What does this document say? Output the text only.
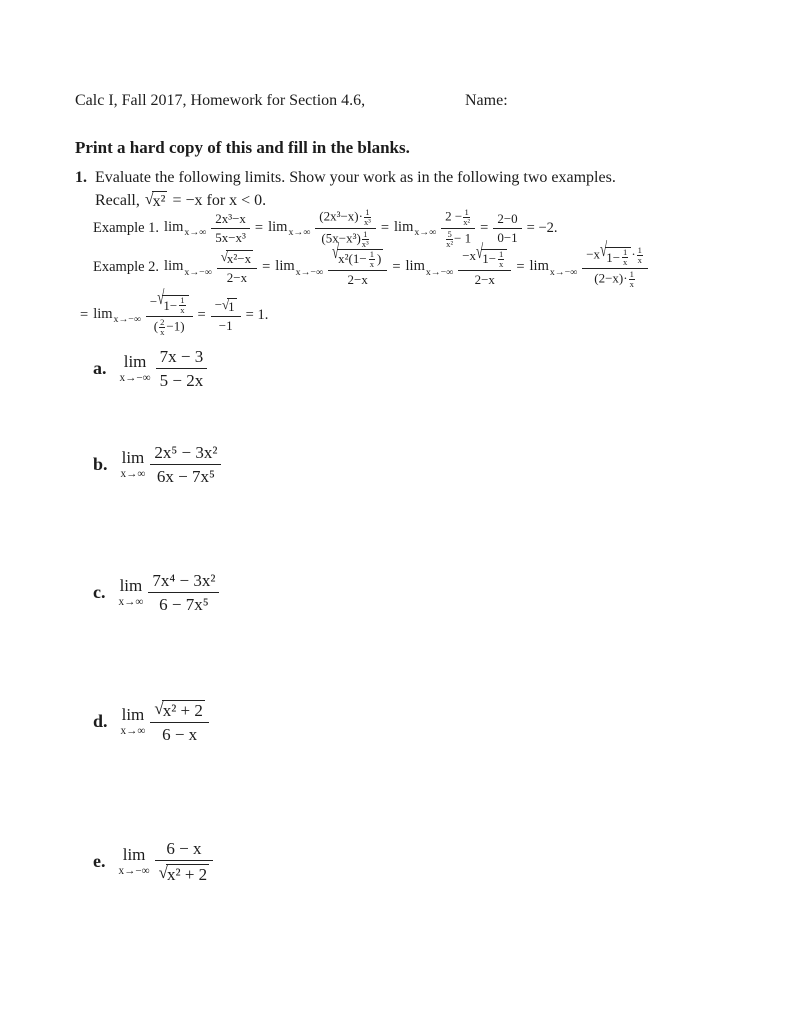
Calc I, Fall 2017, Homework for Section 4.6,	Name:
Print a hard copy of this and fill in the blanks.
1. Evaluate the following limits. Show your work as in the following two examples.
Recall, √ x² = −x for x < 0.
Example 1. $\lim_{x\to\infty} \frac{\text{2x³−x}}{\text{5x−x³}} = \lim_{x\to\infty} \frac{(2x^3-x)\cdot \frac{1}{\text{x³}}}{(5x-x^3) \frac{1}{\text{x³}}} = \lim_{x\to\infty} \frac{2 - \frac{1}{\text{x²}}}{\frac{5}{\text{x²}} - 1} = \frac{2-0}{0-1} = -2$.
Example 2. $\lim_{x\to-\infty} \frac{\text{√ x²−x}}{2-x} = \lim_{x\to-\infty} \frac{√ x^2(1- \frac{1}{x} )}{2-x} = \lim_{x\to-\infty} \frac{-x √ 1- \frac{1}{x}}{2-x} = \lim_{x\to-\infty} \frac{-x √ 1- \frac{1}{x} \cdot \frac{1}{x}}{(2-x)\cdot \frac{1}{x}}$
= $\lim_{x\to-\infty} \frac{- √ 1- \frac{1}{x}}{( \frac{2}{x} -1)} = \frac{- √ 1}{-1} = 1$.
a. lim
$x\to-\infty \frac{7x - 3}{5 - 2x}$
b. lim
$x\to\infty \frac{\text{2x⁵ − 3x²}}{\text{6x − 7x⁵}}$
c. lim
$x\to\infty \frac{\text{7x⁴ − 3x²}}{\text{6 − 7x⁵}}$
d. lim
$x\to\infty \frac{\text{√ x² + 2}}{6 - x}$
e. lim
$x\to-\infty \frac{6 - x}{\text{√ x² + 2}}$
